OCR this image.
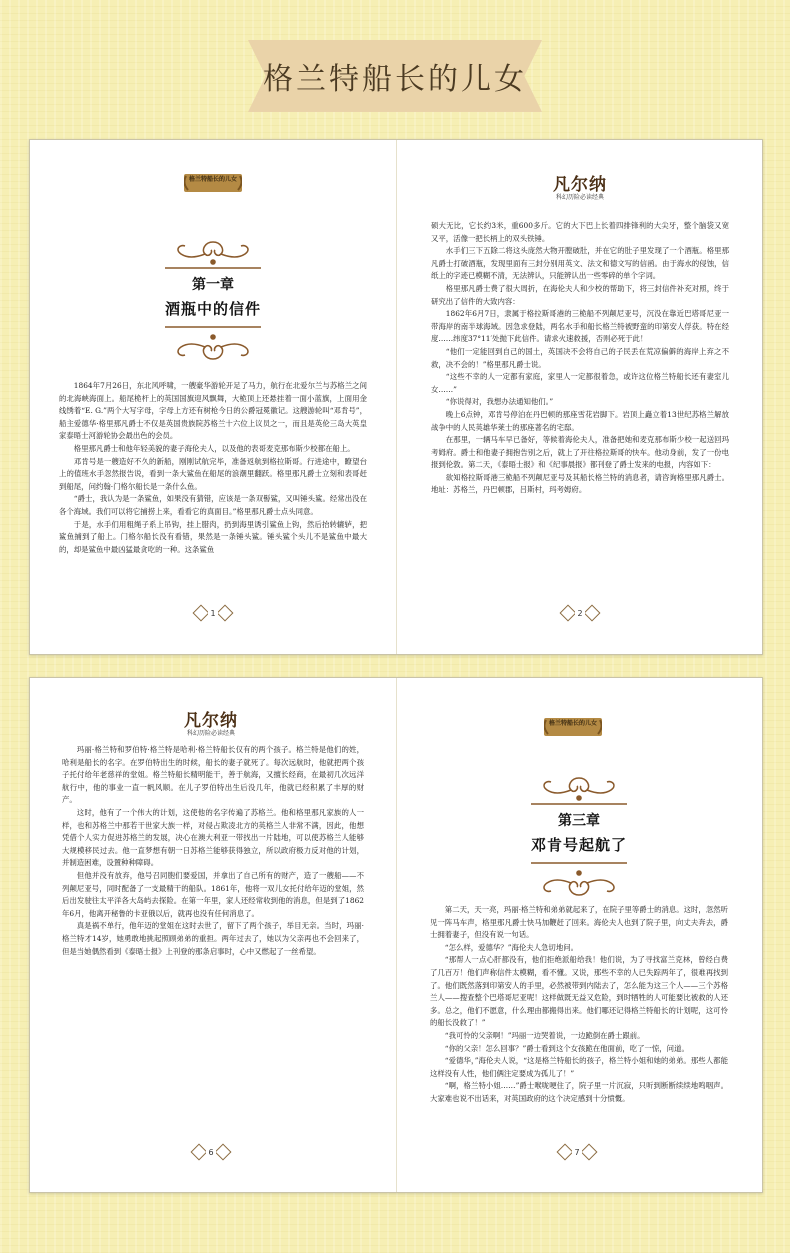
格兰特船长的儿女
格兰特船长的儿女
第一章
酒瓶中的信件

1864年7月26日，东北风呼啸，一艘豪华游轮开足了马力，航行在北爱尔兰与苏格兰之间的北海峡海面上。船尾桅杆上的英国国旗迎风飘舞，大桅顶上还悬挂着一面小蓝旗，上面用金线绣着“E. G.”两个大写字母，字母上方还有树枪今日的公爵冠冕徽记。这艘游轮叫“邓肯号”，船主爱德华·格里那凡爵士不仅是英国贵族院苏格兰十六位上议员之一，而且是英伦三岛大英皇家泰晤士河游轮协会最出色的会员。

格里那凡爵士和他年轻美貌的妻子海伦夫人，以及他的表哥麦克那布斯少校都在船上。

邓肯号是一艘造好不久的新船，刚刚试航完毕，准备返航到格拉斯哥。行进途中，瞭望台上的值班水手忽然报告说，看到一条大鲨鱼在船尾的浪潮里翻跃。格里那凡爵士立刻和表哥赶到船尾，问约翰·门格尔船长是一条什么鱼。

“爵士，我认为是一条鲨鱼，如果没有猜错，应该是一条双髻鲨，又叫锤头鲨。经常出没在各个海域。我们可以将它捕捞上来，看看它的真面目。”格里那凡爵士点头同意。

于是，水手们用粗绳子系上吊钩，挂上腊肉，扔到海里诱引鲨鱼上钩，然后抬转辘轳，把鲨鱼捕到了船上。门格尔船长没有看错，果然是一条锤头鲨。锤头鲨个头儿不是鲨鱼中最大的，却是鲨鱼中最凶猛最贪吃的一种。这条鲨鱼

1
凡尔纳
科幻历险必读经典

硕大无比，它长约3米，重600多斤。它的大下巴上长着四排锋利的大尖牙，整个脑袋又宽又平，活像一把长柄上的双头铁锤。

水手们三下五除二将这头庞然大物开膛破肚，并在它的肚子里发现了一个酒瓶。格里那凡爵士打破酒瓶，发现里面有三封分别用英文、法文和德文写的信函。由于海水的侵蚀，信纸上的字迹已模糊不清，无法辨认，只能辨认出一些零碎的单个字词。

格里那凡爵士费了很大周折，在海伦夫人和少校的帮助下，将三封信件补充对照，终于研究出了信件的大致内容：

1862年6月7日，隶属于格拉斯哥港的三桅船不列颠尼亚号，沉没在靠近巴塔哥尼亚一带海岸的南半球海域。因急求登陆，两名水手和船长格兰特被野蛮的印第安人俘获。特在经度……纬度37°11′处抛下此信件。请求火速救援，否则必死于此！

“他们一定能回到自己的国土，英国决不会将自己的子民丢在荒凉偏僻的海岸上弃之不救，决不会的！”格里那凡爵士说。

“这些不幸的人一定都有家庭，家里人一定都很着急，或许这位格兰特船长还有妻室儿女……”

“你说得对，我想办法通知他们。”

晚上6点钟，邓肯号停泊在丹巴顿的那座雪花岩脚下。岩顶上矗立着13世纪苏格兰解放战争中的人民英雄华莱士的那座著名的宅邸。

在那里，一辆马车早已备好，等候着海伦夫人，准备把她和麦克那布斯少校一起送回玛考姆府。爵士和他妻子拥抱告别之后，就上了开往格拉斯哥的快车。他动身前，发了一份电报到伦敦。第二天，《泰晤士报》和《纪事晨报》都刊登了爵士发来的电报，内容如下：

欲知格拉斯哥港三桅船不列颠尼亚号及其船长格兰特的消息者，请咨询格里那凡爵士。地址：苏格兰，丹巴顿郡，吕斯村，玛考姆府。

2
凡尔纳
科幻历险必读经典

玛丽·格兰特和罗伯特·格兰特是哈利·格兰特船长仅有的两个孩子。格兰特是他们的姓，哈利是船长的名字。在罗伯特出生的时候，船长的妻子就死了。每次远航时，他就把两个孩子托付给年老慈祥的堂姐。格兰特船长精明能干，善于航海，又擅长经商，在最初几次远洋航行中，他的事业一直一帆风顺。在儿子罗伯特出生后没几年，他就已经积累了丰厚的财产。

这时，他有了一个伟大的计划，这使他的名字传遍了苏格兰。他和格里那凡家族的人一样，也和苏格兰中那若干世家大族一样，对侵占欺凌北方的英格兰人非常不满，因此，他想凭借个人实力促进苏格兰的发展，决心在澳大利亚一带找出一片陆地，可以使苏格兰人能够大规模移民过去。他一直梦想有朝一日苏格兰能够获得独立，所以政府极力反对他的计划，并制造困难，设置种种障碍。

但他并没有放弃，他号召同胞们要爱国，并拿出了自己所有的财产，造了一艘船——不列颠尼亚号，同时配备了一支最精干的船队。1861年，他将一双儿女托付给年迈的堂姐，然后出发驶往太平洋各大岛屿去探险。在第一年里，家人还经常收到他的消息，但是到了1862年6月，他离开秘鲁的卡亚俄以后，就再也没有任何消息了。

真是祸不单行，他年迈的堂姐在这时去世了，留下了两个孩子，举目无亲。当时，玛丽·格兰特才14岁，她勇敢地挑起照顾弟弟的重担。两年过去了，她以为父亲再也不会回来了，但是当她偶然看到《泰晤士报》上刊登的那条启事时，心中又燃起了一丝希望。

6
格兰特船长的儿女
第三章
邓肯号起航了

第二天，天一亮，玛丽·格兰特和弟弟就起来了，在院子里等爵士的消息。这时，忽然听见一阵马车声，格里那凡爵士快马加鞭赶了回来。海伦夫人也到了院子里，向丈夫奔去，爵士拥着妻子，但没有说一句话。

“怎么样，爱德华？”海伦夫人急切地问。

“那帮人一点心肝都没有，他们拒绝派船给我！他们说，为了寻找富兰克林，曾经白费了几百万！他们声称信件太模糊，看不懂。又说，那些不幸的人已失踪两年了，很难再找到了。他们既然落到印第安人的手里，必然被带到内陆去了，怎么能为这三个人——三个苏格兰人——搜查整个巴塔哥尼亚呢！这样做既无益又危险，到时牺牲的人可能要比被救的人还多。总之，他们不愿意，什么理由都搬得出来。他们哪还记得格兰特船长的计划呢，这可怜的船长没救了！”

“我可怜的父亲啊！”玛丽一边哭着说，一边跪倒在爵士跟前。

“你的父亲！怎么回事？”爵士看到这个女孩跪在他面前，吃了一惊，问道。

“爱德华，”海伦夫人说，“这是格兰特船长的孩子，格兰特小姐和她的弟弟。那些人都能这样没有人性，他们俩注定要成为孤儿了！”

“啊，格兰特小姐……”爵士喉咙哽住了，院子里一片沉寂，只听到断断续续地鸣咽声。大家难也说不出话来，对英国政府的这个决定感到十分愤慨。

7
